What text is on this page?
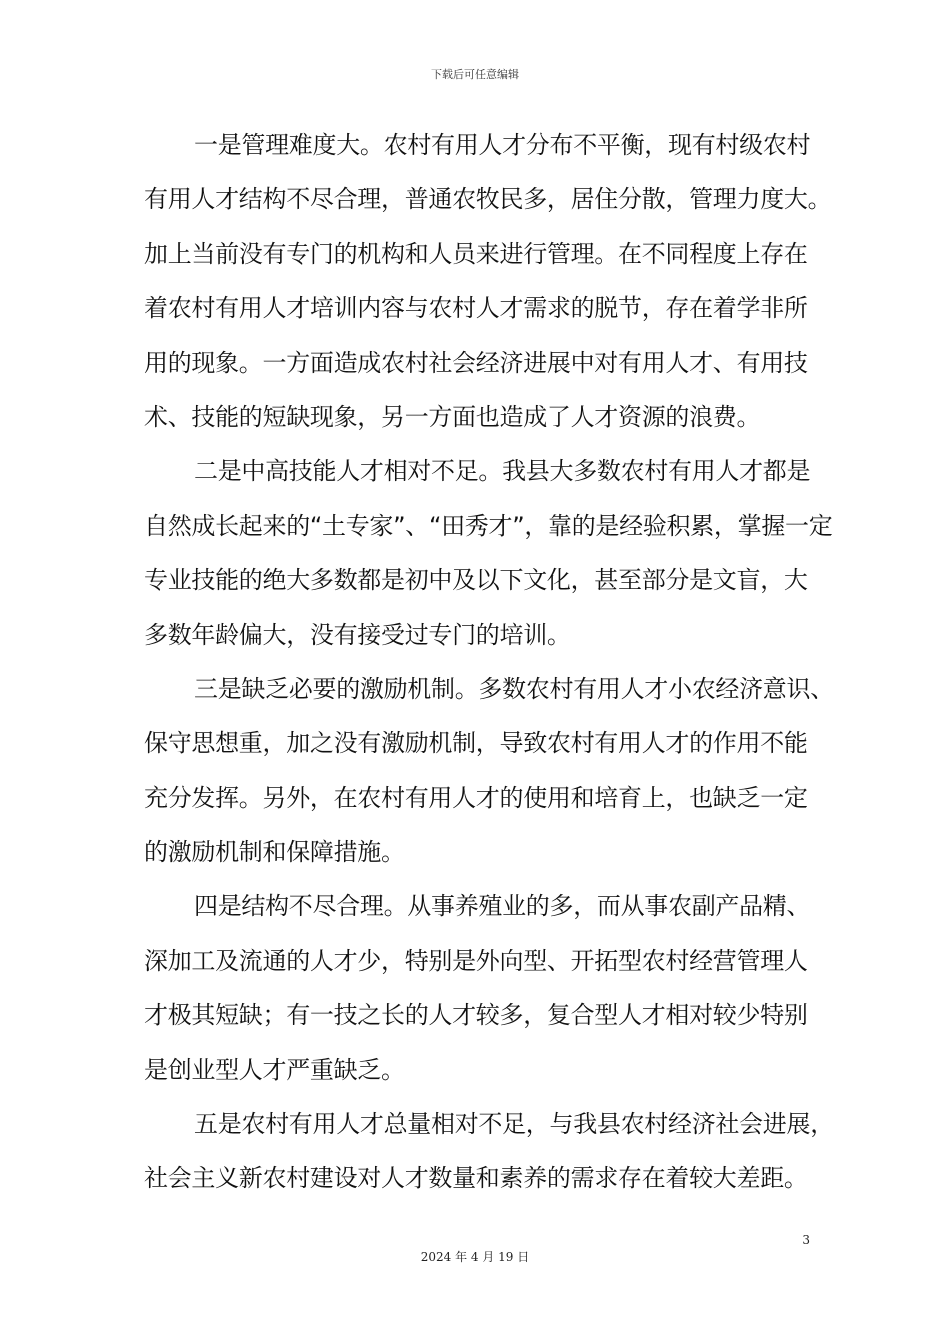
下载后可任意编辑
一是管理难度大。农村有用人才分布不平衡，现有村级农村
有用人才结构不尽合理，普通农牧民多，居住分散，管理力度大。
加上当前没有专门的机构和人员来进行管理。在不同程度上存在
着农村有用人才培训内容与农村人才需求的脱节，存在着学非所
用的现象。一方面造成农村社会经济进展中对有用人才、有用技
术、技能的短缺现象，另一方面也造成了人才资源的浪费。
二是中高技能人才相对不足。我县大多数农村有用人才都是
自然成长起来的“土专家”、“田秀才”，靠的是经验积累，掌握一定
专业技能的绝大多数都是初中及以下文化，甚至部分是文盲，大
多数年龄偏大，没有接受过专门的培训。
三是缺乏必要的激励机制。多数农村有用人才小农经济意识、
保守思想重，加之没有激励机制，导致农村有用人才的作用不能
充分发挥。另外，在农村有用人才的使用和培育上，也缺乏一定
的激励机制和保障措施。
四是结构不尽合理。从事养殖业的多，而从事农副产品精、
深加工及流通的人才少，特别是外向型、开拓型农村经营管理人
才极其短缺；有一技之长的人才较多，复合型人才相对较少特别
是创业型人才严重缺乏。
五是农村有用人才总量相对不足，与我县农村经济社会进展，
社会主义新农村建设对人才数量和素养的需求存在着较大差距。
3
2024 年 4 月 19 日
